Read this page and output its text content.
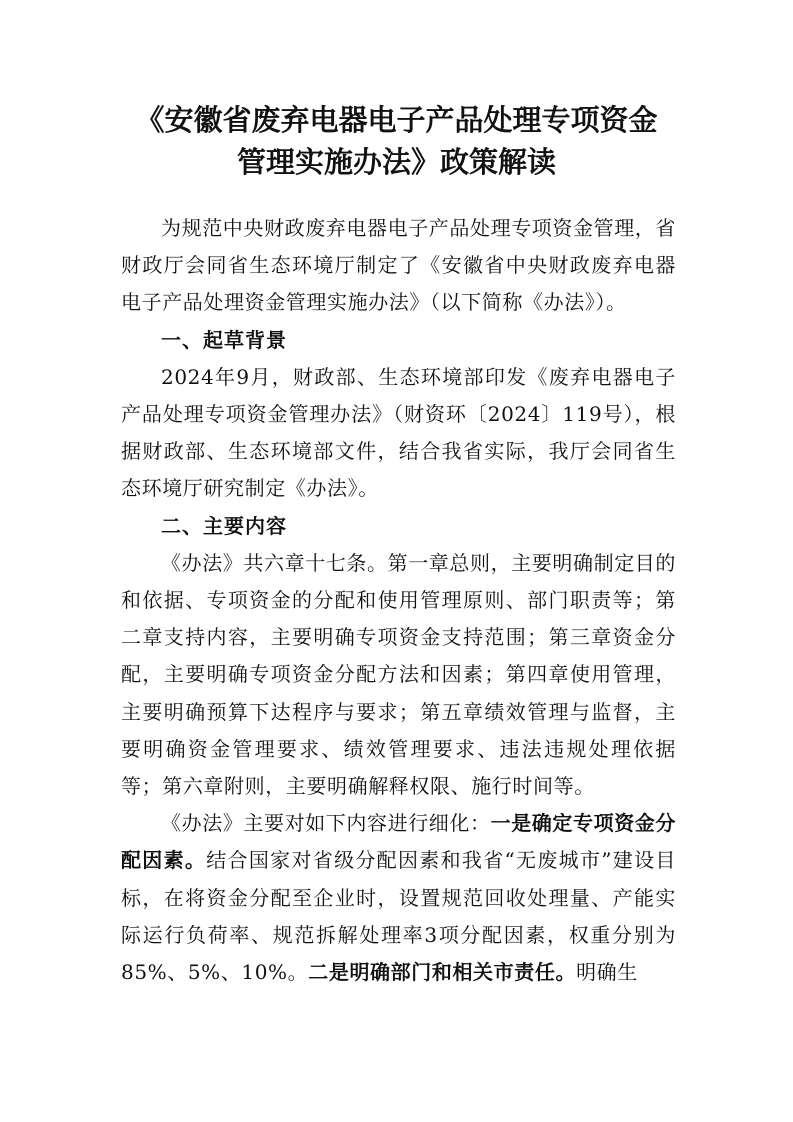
《安徽省废弃电器电子产品处理专项资金
管理实施办法》政策解读

为规范中央财政废弃电器电子产品处理专项资金管理，省财政厅会同省生态环境厅制定了《安徽省中央财政废弃电器电子产品处理资金管理实施办法》（以下简称《办法》）。

一、起草背景

2024年9月，财政部、生态环境部印发《废弃电器电子产品处理专项资金管理办法》（财资环〔2024〕119号），根据财政部、生态环境部文件，结合我省实际，我厅会同省生态环境厅研究制定《办法》。

二、主要内容

《办法》共六章十七条。第一章总则，主要明确制定目的和依据、专项资金的分配和使用管理原则、部门职责等；第二章支持内容，主要明确专项资金支持范围；第三章资金分配，主要明确专项资金分配方法和因素；第四章使用管理，主要明确预算下达程序与要求；第五章绩效管理与监督，主要明确资金管理要求、绩效管理要求、违法违规处理依据等；第六章附则，主要明确解释权限、施行时间等。

《办法》主要对如下内容进行细化：一是确定专项资金分配因素。结合国家对省级分配因素和我省“无废城市”建设目标，在将资金分配至企业时，设置规范回收处理量、产能实际运行负荷率、规范拆解处理率3项分配因素，权重分别为85%、5%、10%。二是明确部门和相关市责任。明确生
